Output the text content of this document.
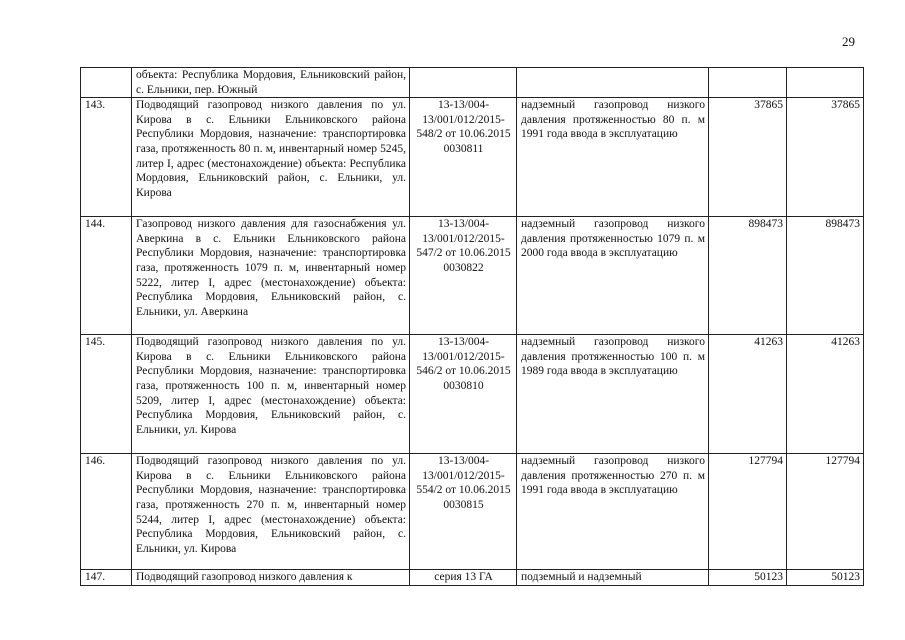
29
	объекта: Республика Мордовия, Ельниковский район, с. Ельники, пер. Южный				
143.	Подводящий газопровод низкого давления по ул. Кирова в с. Ельники Ельниковского района Республики Мордовия, назначение: транспортировка газа, протяженность 80 п. м, инвентарный номер 5245, литер I, адрес (местонахождение) объекта: Республика Мордовия, Ельниковский район, с. Ельники, ул. Кирова	13-13/004-13/001/012/2015-548/2 от 10.06.2015 0030811	надземный газопровод низкого давления протяженностью 80 п. м 1991 года ввода в эксплуатацию	37865	37865
144.	Газопровод низкого давления для газоснабжения ул. Аверкина в с. Ельники Ельниковского района Республики Мордовия, назначение: транспортировка газа, протяженность 1079 п. м, инвентарный номер 5222, литер I, адрес (местонахождение) объекта: Республика Мордовия, Ельниковский район, с. Ельники, ул. Аверкина	13-13/004-13/001/012/2015-547/2 от 10.06.2015 0030822	надземный газопровод низкого давления протяженностью 1079 п. м 2000 года ввода в эксплуатацию	898473	898473
145.	Подводящий газопровод низкого давления по ул. Кирова в с. Ельники Ельниковского района Республики Мордовия, назначение: транспортировка газа, протяженность 100 п. м, инвентарный номер 5209, литер I, адрес (местонахождение) объекта: Республика Мордовия, Ельниковский район, с. Ельники, ул. Кирова	13-13/004-13/001/012/2015-546/2 от 10.06.2015 0030810	надземный газопровод низкого давления протяженностью 100 п. м 1989 года ввода в эксплуатацию	41263	41263
146.	Подводящий газопровод низкого давления по ул. Кирова в с. Ельники Ельниковского района Республики Мордовия, назначение: транспортировка газа, протяженность 270 п. м, инвентарный номер 5244, литер I, адрес (местонахождение) объекта: Республика Мордовия, Ельниковский район, с. Ельники, ул. Кирова	13-13/004-13/001/012/2015-554/2 от 10.06.2015 0030815	надземный газопровод низкого давления протяженностью 270 п. м 1991 года ввода в эксплуатацию	127794	127794
147.	Подводящий газопровод низкого давления к	серия 13 ГА	подземный и надземный	50123	50123
